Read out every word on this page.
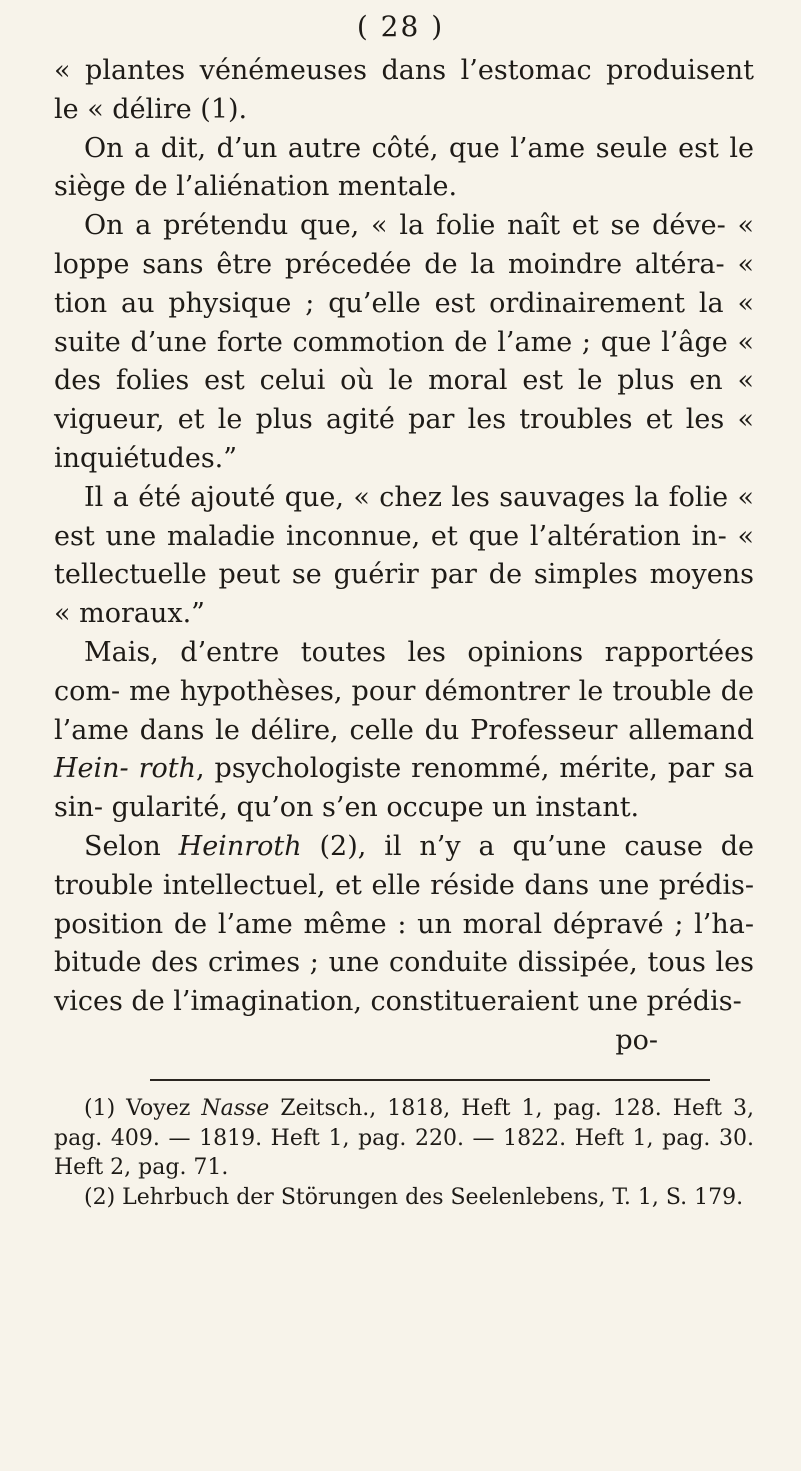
( 28 )

« plantes vénémeuses dans l’estomac produisent le « délire (1).

On a dit, d’un autre côté, que l’ame seule est le siège de l’aliénation mentale.

On a prétendu que, « la folie naît et se déve- « loppe sans être précedée de la moindre altéra- « tion au physique ; qu’elle est ordinairement la « suite d’une forte commotion de l’ame ; que l’âge « des folies est celui où le moral est le plus en « vigueur, et le plus agité par les troubles et les « inquiétudes.”

Il a été ajouté que, « chez les sauvages la folie « est une maladie inconnue, et que l’altération in- « tellectuelle peut se guérir par de simples moyens « moraux.”

Mais, d’entre toutes les opinions rapportées com- me hypothèses, pour démontrer le trouble de l’ame dans le délire, celle du Professeur allemand Hein- roth, psychologiste renommé, mérite, par sa sin- gularité, qu’on s’en occupe un instant.

Selon Heinroth (2), il n’y a qu’une cause de trouble intellectuel, et elle réside dans une prédis- position de l’ame même : un moral dépravé ; l’ha- bitude des crimes ; une conduite dissipée, tous les vices de l’imagination, constitueraient une prédis-

po-

(1) Voyez Nasse Zeitsch., 1818, Heft 1, pag. 128. Heft 3, pag. 409. — 1819. Heft 1, pag. 220. — 1822. Heft 1, pag. 30. Heft 2, pag. 71.

(2) Lehrbuch der Störungen des Seelenlebens, T. 1, S. 179.
